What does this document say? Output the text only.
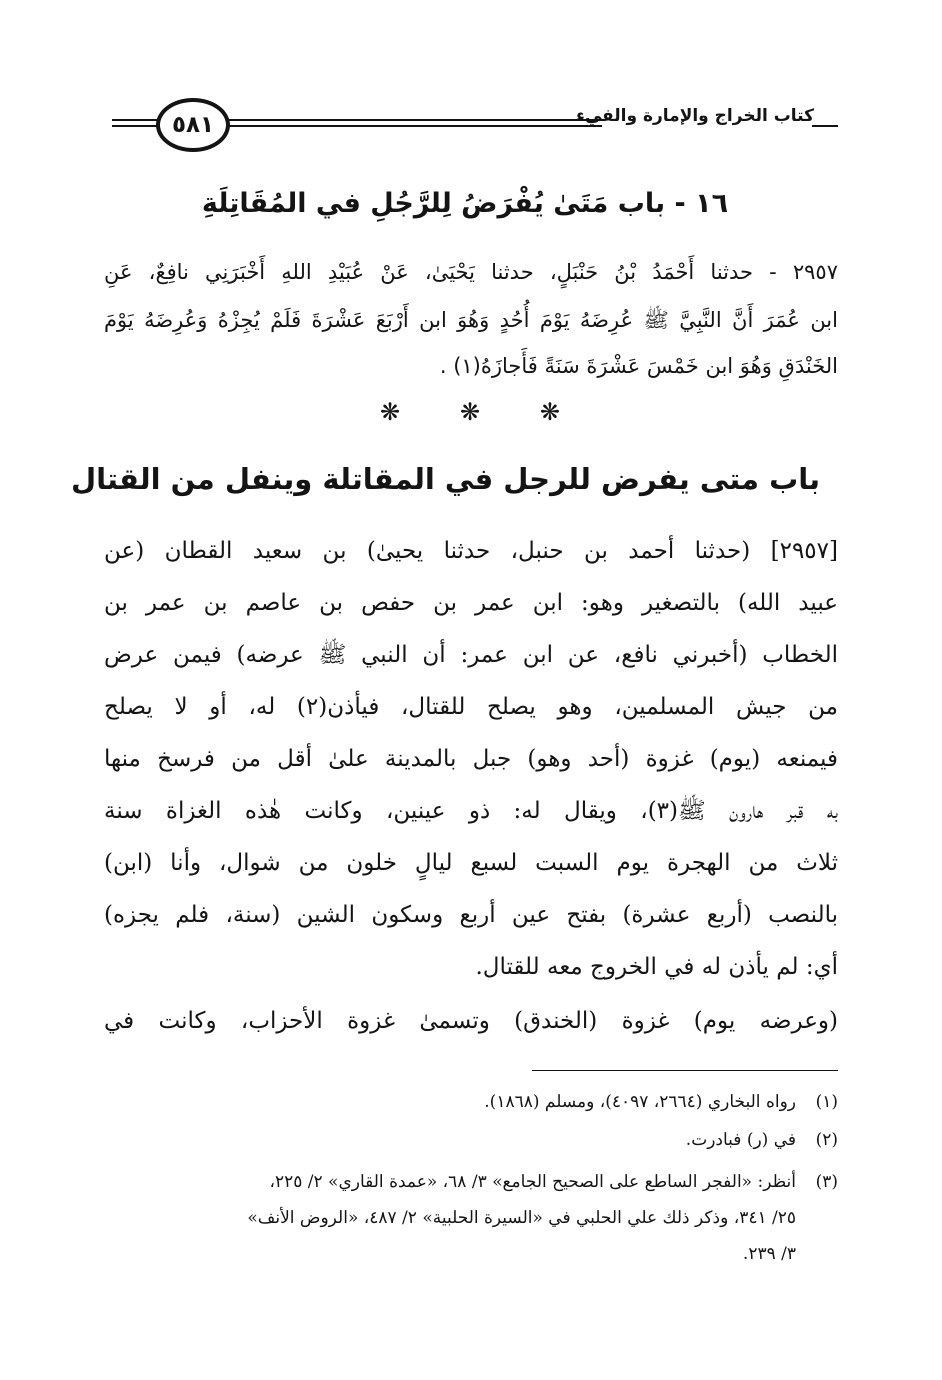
٥٨١	كتاب الخراج والإمارة والفيء
١٦ - باب مَتَىٰ يُفْرَضُ لِلرَّجُلِ في المُقَاتِلَةِ
٢٩٥٧ - حدثنا أَحْمَدُ بْنُ حَنْبَلٍ، حدثنا يَحْيَىٰ، عَنْ عُبَيْدِ اللهِ أَخْبَرَنِي نافِعٌ، عَنِ
ابن عُمَرَ أَنَّ النَّبِيَّ ﷺ عُرِضَهُ يَوْمَ أُحُدٍ وَهُوَ ابن أَرْبَعَ عَشْرَةَ فَلَمْ يُجِزْهُ وَعُرِضَهُ يَوْمَ
الخَنْدَقِ وَهُوَ ابن خَمْسَ عَشْرَةَ سَنَةً فَأَجازَهُ(١) .
❋
❋
❋
باب متى يفرض للرجل في المقاتلة وينفل من القتال
[٢٩٥٧] (حدثنا أحمد بن حنبل، حدثنا يحيىٰ) بن سعيد القطان (عن
عبيد الله) بالتصغير وهو: ابن عمر بن حفص بن عاصم بن عمر بن
الخطاب (أخبرني نافع، عن ابن عمر: أن النبي ﷺ عرضه) فيمن عرض
من جيش المسلمين، وهو يصلح للقتال، فيأذن(٢) له، أو لا يصلح
فيمنعه (يوم) غزوة (أحد وهو) جبل بالمدينة علىٰ أقل من فرسخ منها
به قبر هارون ﷺ(٣)، ويقال له: ذو عينين، وكانت هٰذه الغزاة سنة
ثلاث من الهجرة يوم السبت لسبع ليالٍ خلون من شوال، وأنا (ابن)
بالنصب (أربع عشرة) بفتح عين أربع وسكون الشين (سنة، فلم يجزه)
أي: لم يأذن له في الخروج معه للقتال.
(وعرضه يوم) غزوة (الخندق) وتسمىٰ غزوة الأحزاب، وكانت في
(١)رواه البخاري (٢٦٦٤، ٤٠٩٧)، ومسلم (١٨٦٨).
(٢)في (ر) فبادرت.
(٣)أنظر: «الفجر الساطع على الصحيح الجامع» ٣/ ٦٨، «عمدة القاري» ٢/ ٢٢٥،
٢٥/ ٣٤١، وذكر ذلك علي الحلبي في «السيرة الحلبية» ٢/ ٤٨٧، «الروض الأنف»
٣/ ٢٣٩.
